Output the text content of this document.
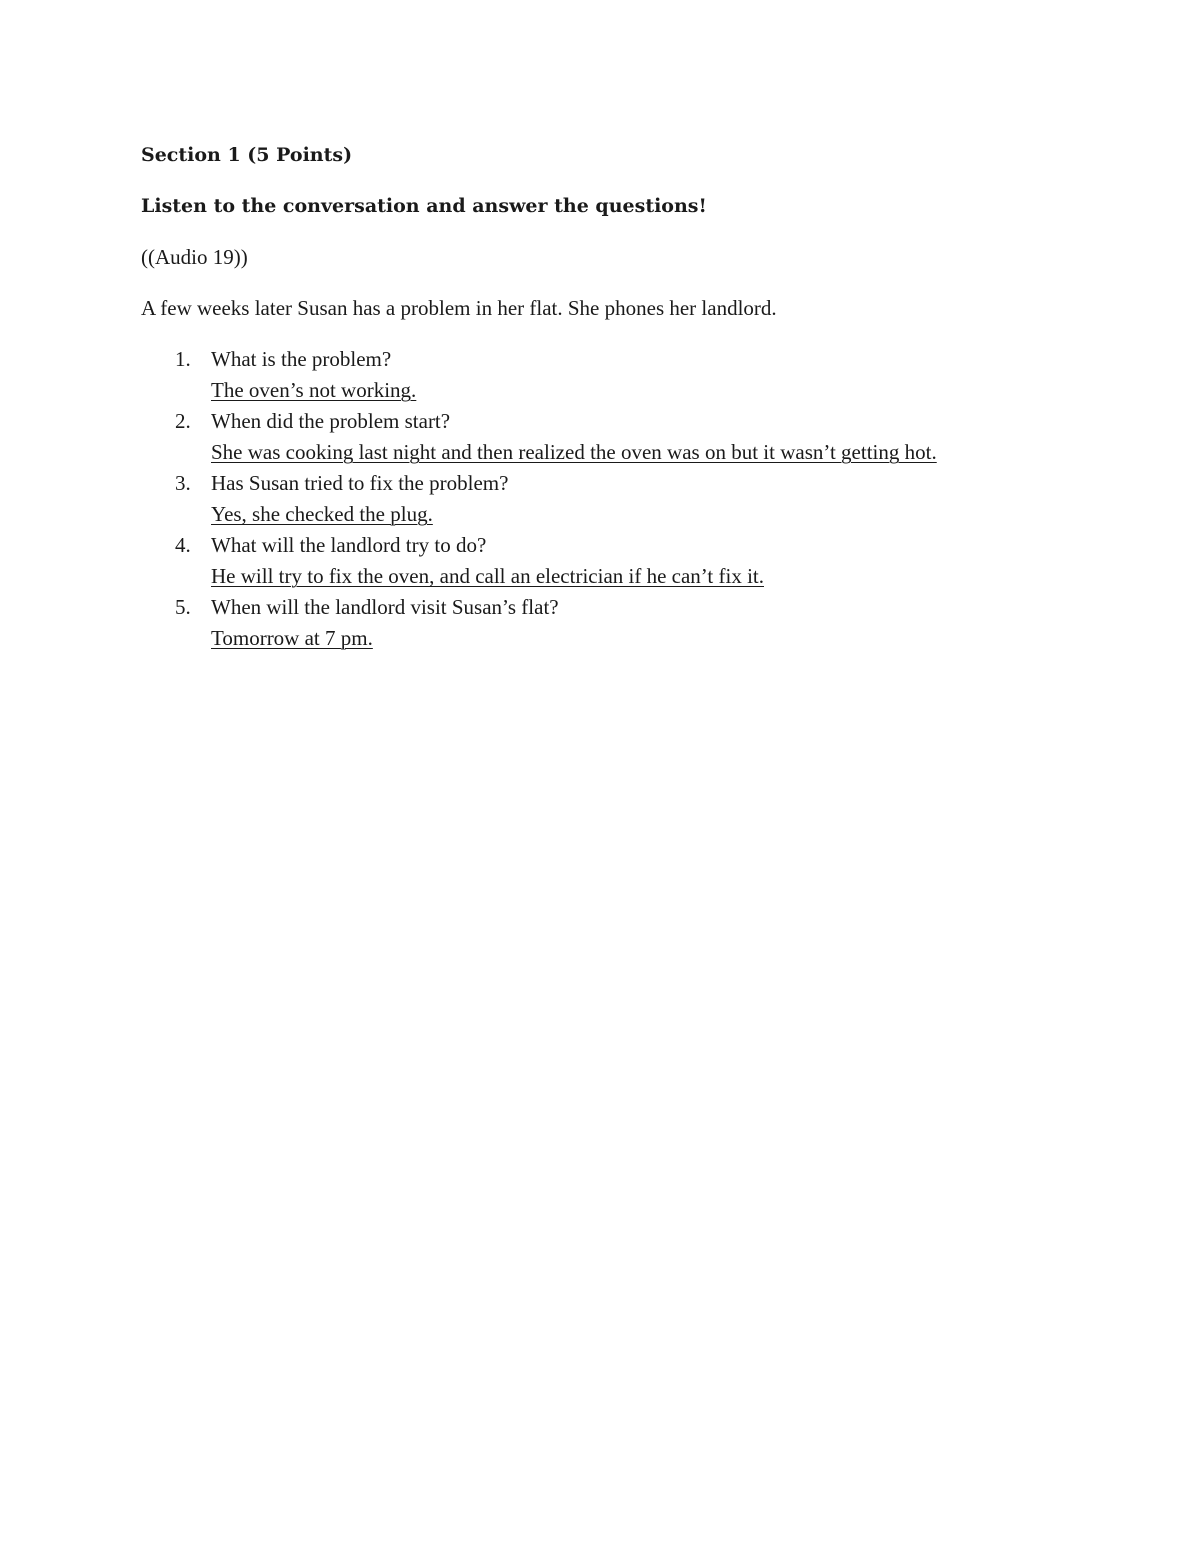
Section 1 (5 Points)

Listen to the conversation and answer the questions!

((Audio 19))

A few weeks later Susan has a problem in her flat. She phones her landlord.

1. What is the problem?
The oven’s not working.
2. When did the problem start?
She was cooking last night and then realized the oven was on but it wasn’t getting hot.
3. Has Susan tried to fix the problem?
Yes, she checked the plug.
4. What will the landlord try to do?
He will try to fix the oven, and call an electrician if he can’t fix it.
5. When will the landlord visit Susan’s flat?
Tomorrow at 7 pm.
